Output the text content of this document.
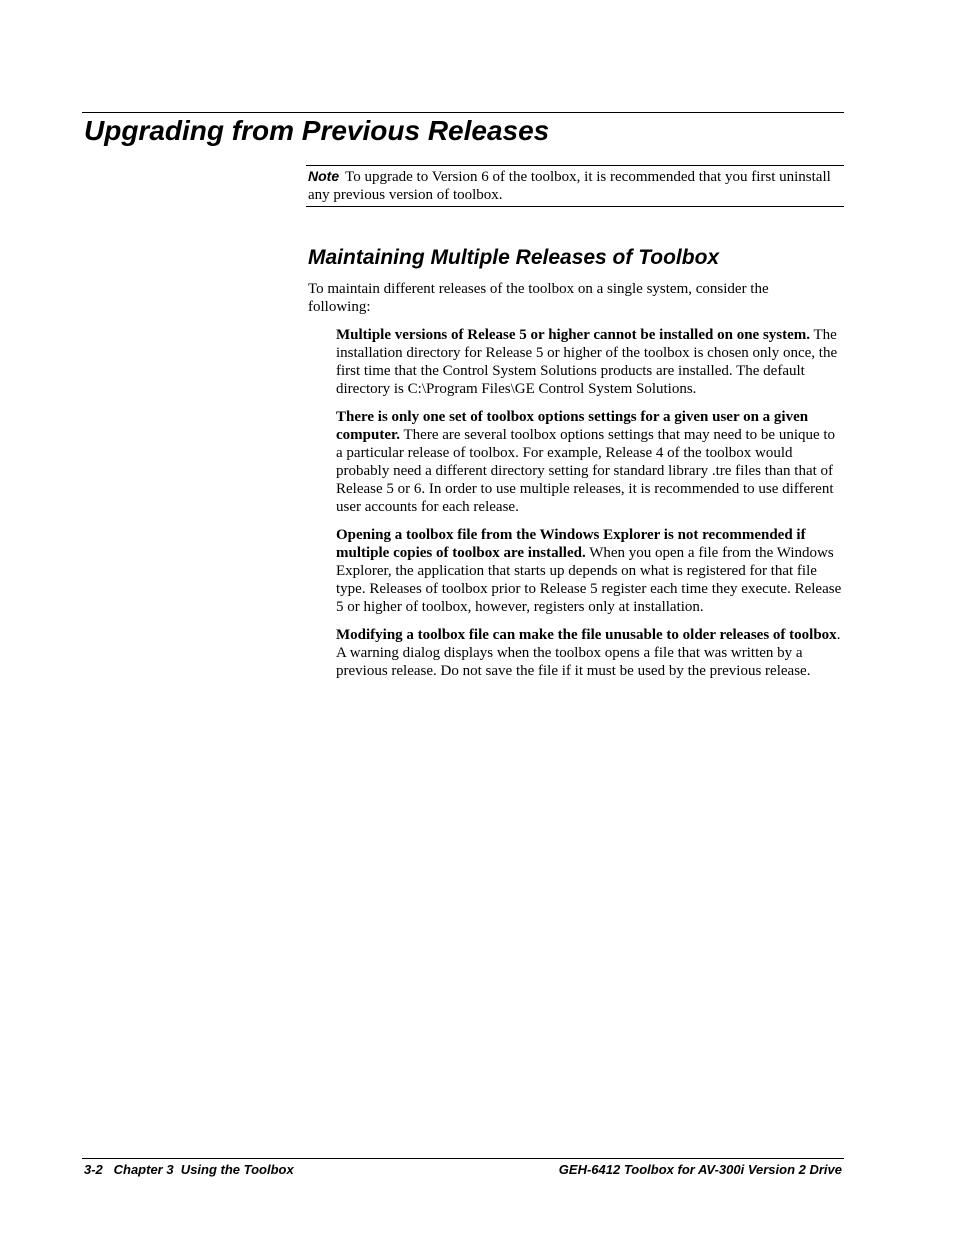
Upgrading from Previous Releases
Note To upgrade to Version 6 of the toolbox, it is recommended that you first uninstall any previous version of toolbox.
Maintaining Multiple Releases of Toolbox

To maintain different releases of the toolbox on a single system, consider the following:

Multiple versions of Release 5 or higher cannot be installed on one system. The installation directory for Release 5 or higher of the toolbox is chosen only once, the first time that the Control System Solutions products are installed. The default directory is C:\Program Files\GE Control System Solutions.

There is only one set of toolbox options settings for a given user on a given computer. There are several toolbox options settings that may need to be unique to a particular release of toolbox. For example, Release 4 of the toolbox would probably need a different directory setting for standard library .tre files than that of Release 5 or 6. In order to use multiple releases, it is recommended to use different user accounts for each release.

Opening a toolbox file from the Windows Explorer is not recommended if multiple copies of toolbox are installed. When you open a file from the Windows Explorer, the application that starts up depends on what is registered for that file type. Releases of toolbox prior to Release 5 register each time they execute. Release 5 or higher of toolbox, however, registers only at installation.

Modifying a toolbox file can make the file unusable to older releases of toolbox. A warning dialog displays when the toolbox opens a file that was written by a previous release. Do not save the file if it must be used by the previous release.

3-2   Chapter 3  Using the Toolbox	GEH-6412 Toolbox for AV-300i Version 2 Drive
